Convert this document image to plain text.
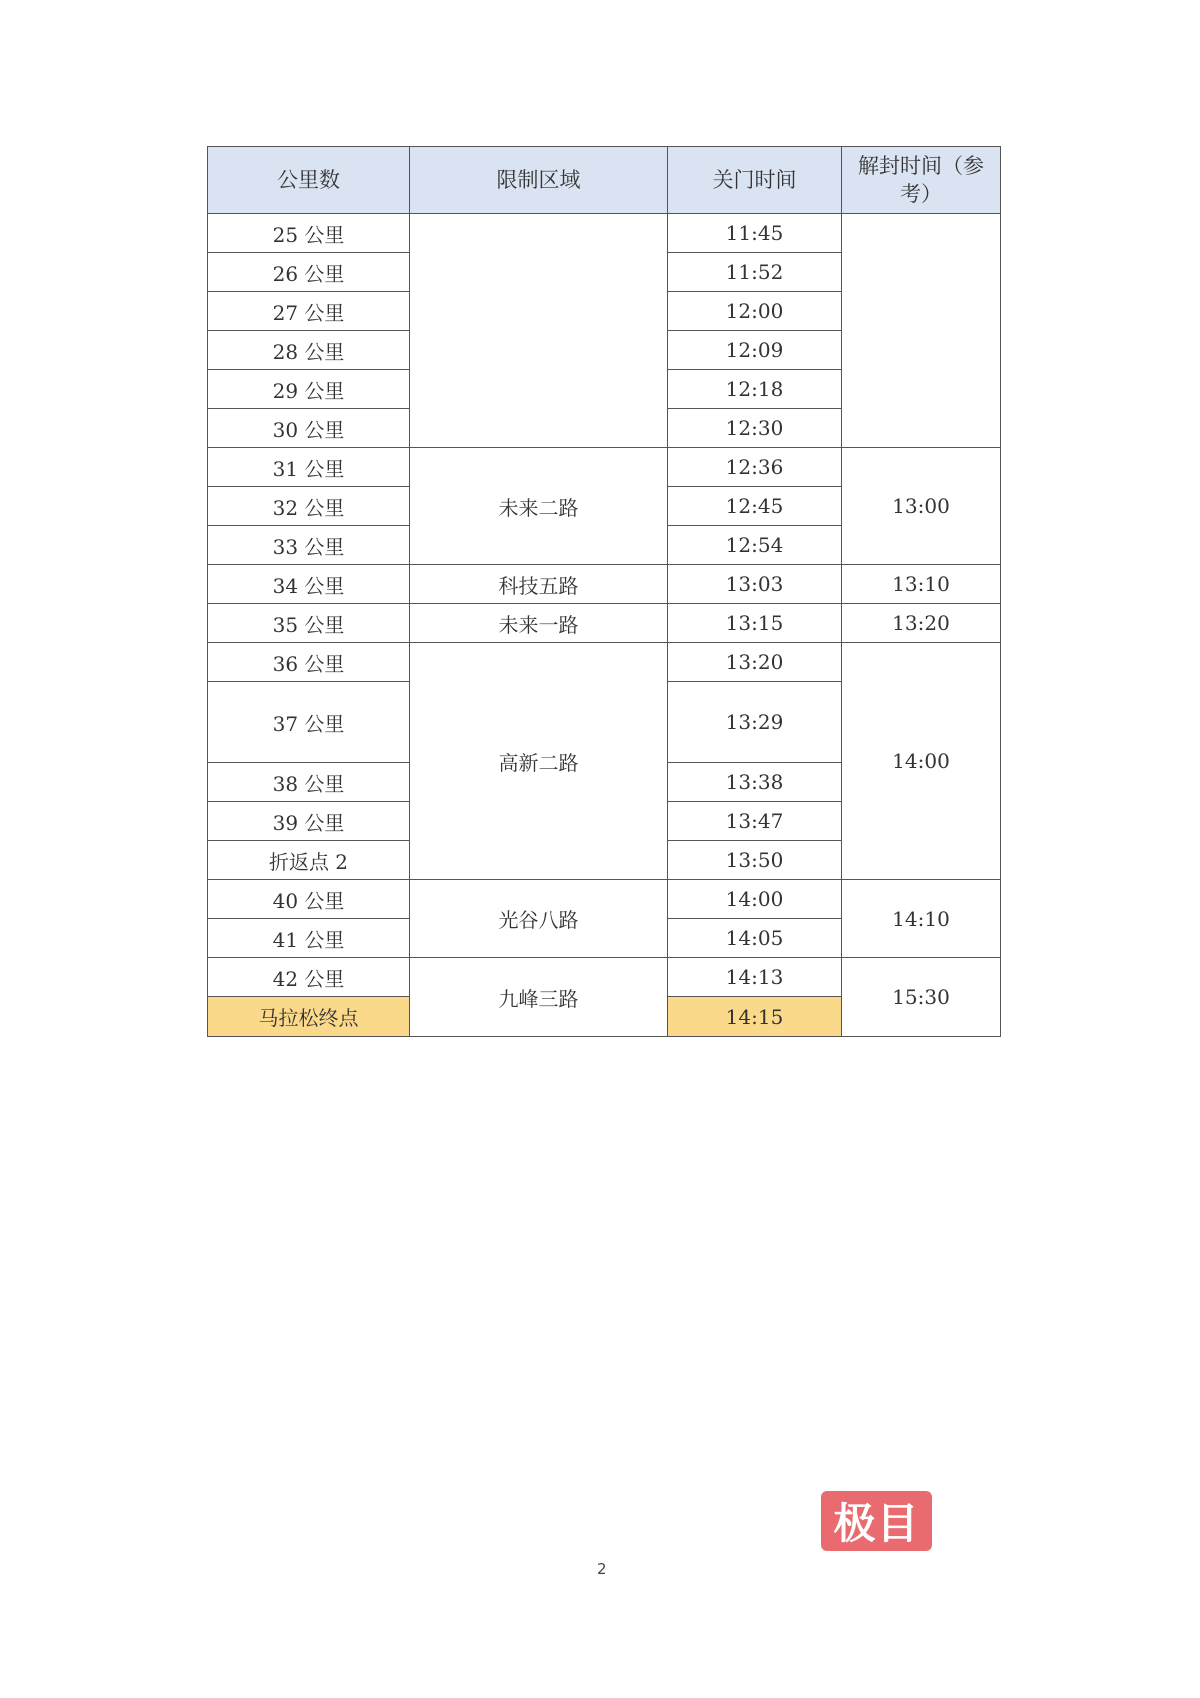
公里数	限制区域	关门时间
解封时间（参考）
25 公里	11:45
26 公里	11:52
27 公里	12:00
28 公里	12:09
29 公里	12:18
30 公里	12:30
31 公里	12:36
32 公里	12:45
33 公里	12:54
34 公里	13:03
35 公里	13:15
36 公里	13:20
37 公里	13:29
38 公里	13:38
39 公里	13:47
折返点 2	13:50
40 公里	14:00
41 公里	14:05
42 公里	14:13
马拉松终点	14:15
未来二路
科技五路
未来一路
高新二路
光谷八路
九峰三路
13:00
13:10
13:20
14:00
14:10
15:30
2
极目
